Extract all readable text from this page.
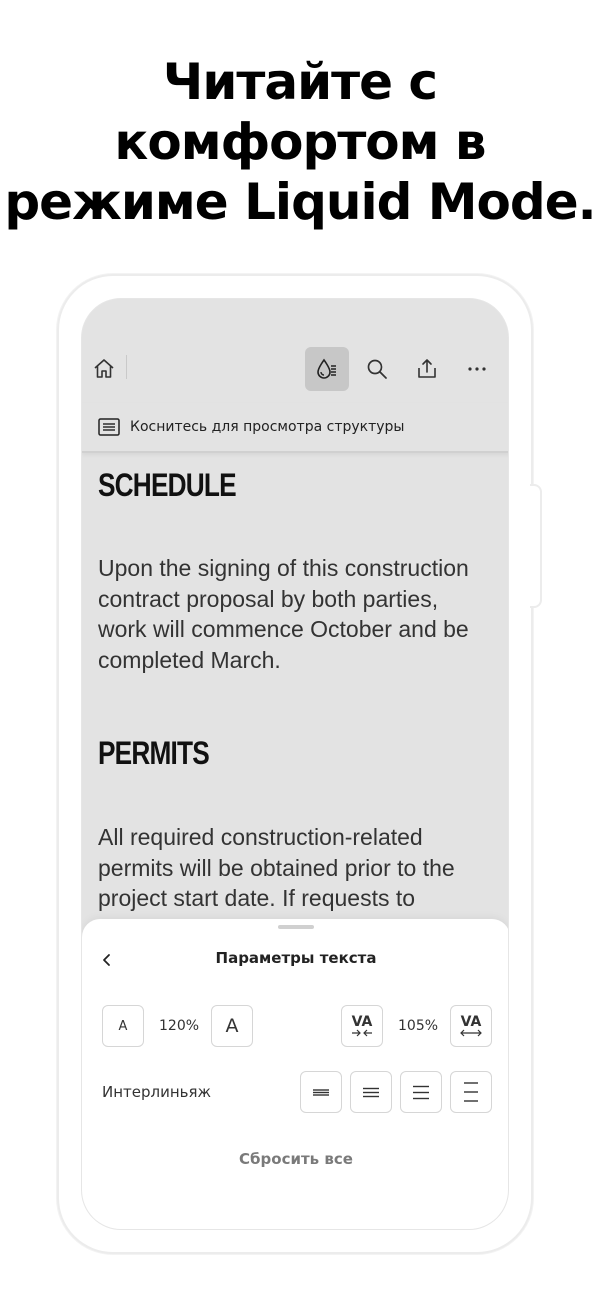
Читайте с
комфортом в
режиме Liquid Mode.
Коснитесь для просмотра структуры
SCHEDULE
Upon the signing of this construction contract proposal by both parties, work will commence October and be completed March.
PERMITS
All required construction-related permits will be obtained prior to the project start date. If requests to
Параметры текста
A	120%	A	VA 105% VA
Интерлиньяж
Сбросить все
